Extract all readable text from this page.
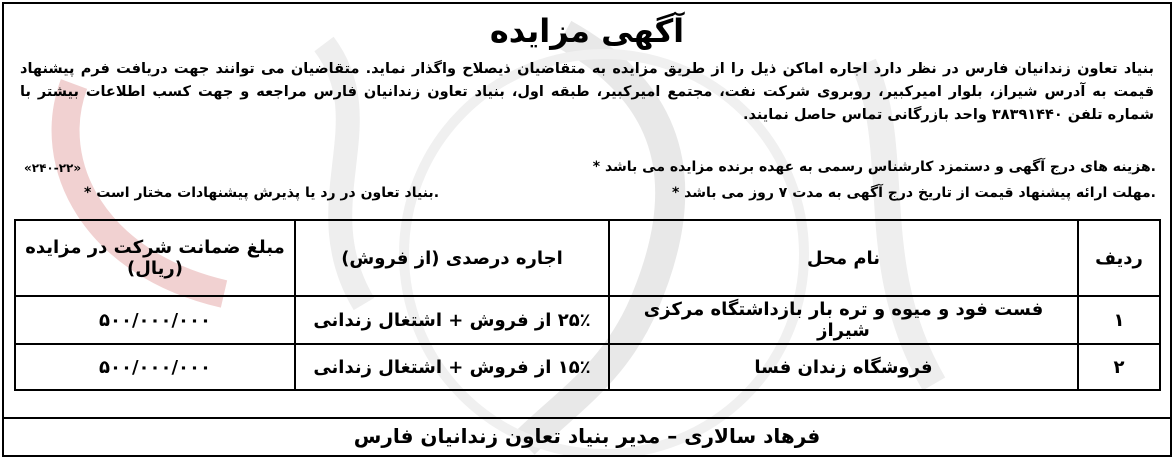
آگهی مزایده
بنیاد تعاون زندانیان فارس در نظر دارد اجاره اماکن ذیل را از طریق مزایده به متقاضیان ذیصلاح واگذار نماید. متقاضیان می توانند جهت دریافت فرم پیشنهاد قیمت به آدرس شیراز، بلوار امیرکبیر، روبروی شرکت نفت، مجتمع امیرکبیر، طبقه اول، بنیاد تعاون زندانیان فارس مراجعه و جهت کسب اطلاعات بیشتر با شماره تلفن ۳۸۳۹۱۴۴۰ واحد بازرگانی تماس حاصل نمایند.
* هزینه های درج آگهی و دستمزد کارشناس رسمی به عهده برنده مزایده می باشد.
«۲۴۰-۲۲»
* مهلت ارائه پیشنهاد قیمت از تاریخ درج آگهی به مدت ۷ روز می باشد.
* بنیاد تعاون در رد یا پذیرش پیشنهادات مختار است.
ردیف	نام محل	اجاره درصدی (از فروش)	مبلغ ضمانت شرکت در مزایده (ریال)
۱	فست فود و میوه و تره بار بازداشتگاه مرکزی شیراز	۲۵٪ از فروش + اشتغال زندانی	۵۰۰/۰۰۰/۰۰۰
۲	فروشگاه زندان فسا	۱۵٪ از فروش + اشتغال زندانی	۵۰۰/۰۰۰/۰۰۰
فرهاد سالاری – مدیر بنیاد تعاون زندانیان فارس
